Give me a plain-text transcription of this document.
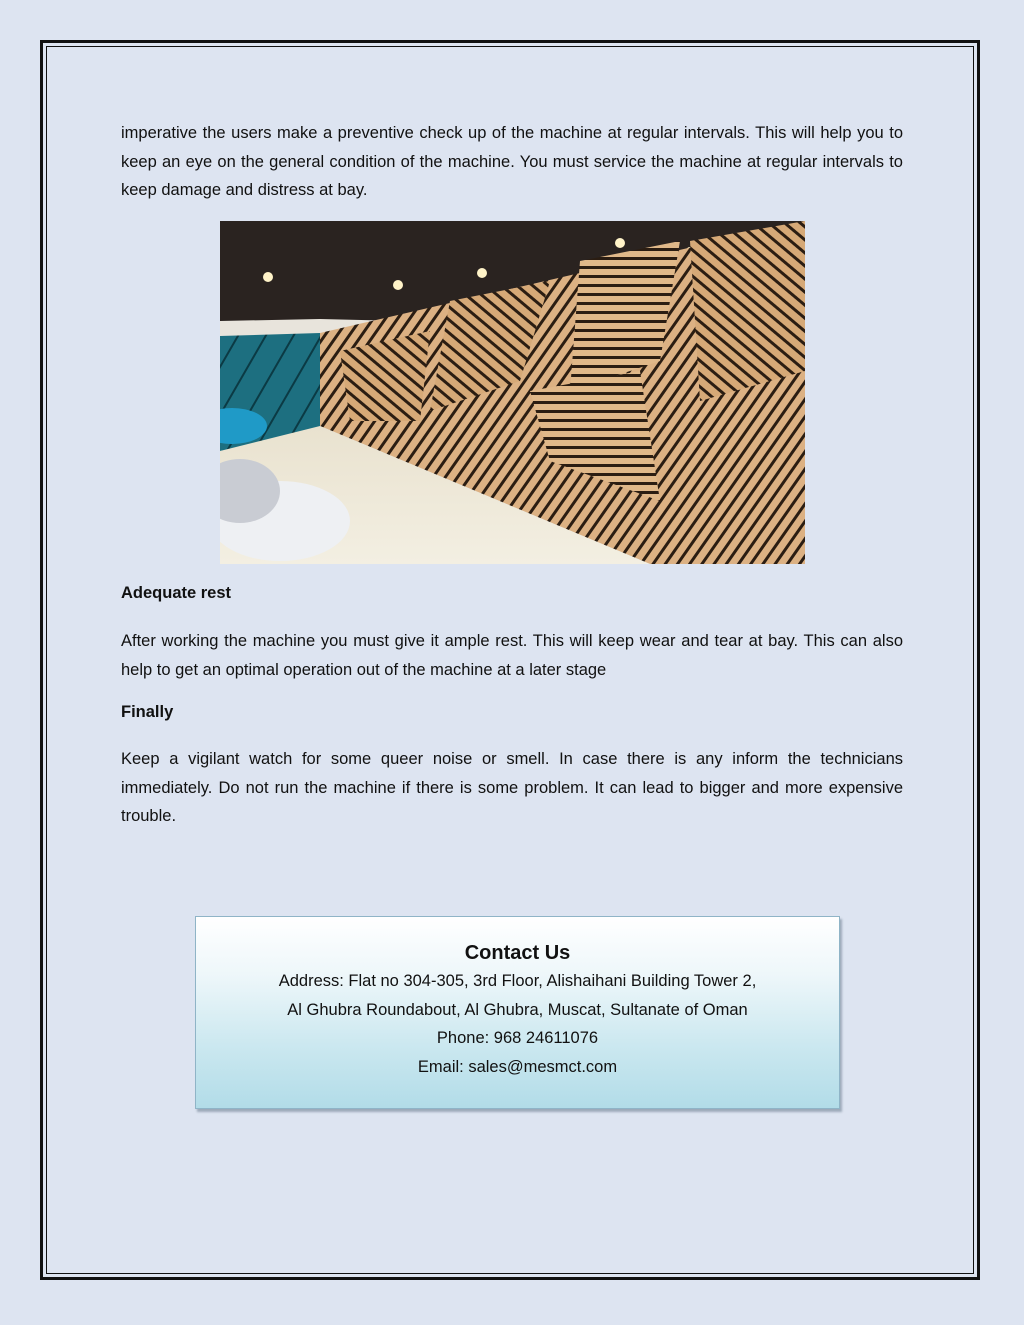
imperative the users make a preventive check up of the machine at regular intervals. This will help you to keep an eye on the general condition of the machine. You must service the machine at regular intervals to keep damage and distress at bay.

Adequate rest

After working the machine you must give it ample rest. This will keep wear and tear at bay. This can also help to get an optimal operation out of the machine at a later stage

Finally

Keep a vigilant watch for some queer noise or smell. In case there is any inform the technicians immediately. Do not run the machine if there is some problem. It can lead to bigger and more expensive trouble.

Contact Us
Address: Flat no 304-305, 3rd Floor, Alishaihani Building Tower 2,
Al Ghubra Roundabout, Al Ghubra, Muscat, Sultanate of Oman
Phone: 968 24611076
Email: sales@mesmct.com
